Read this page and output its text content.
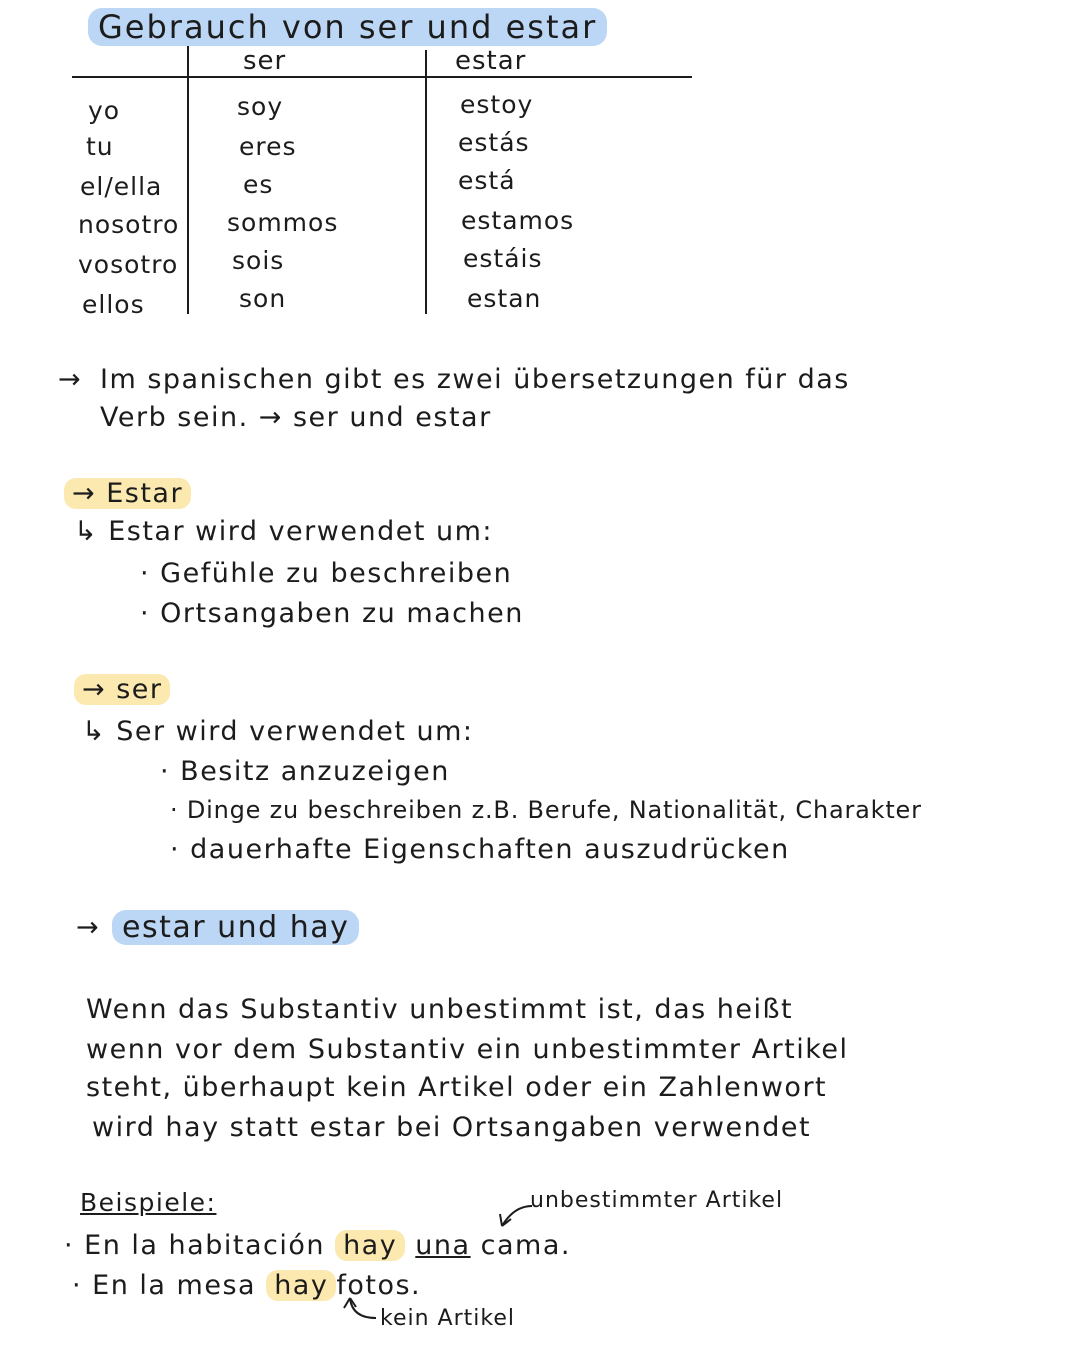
Gebrauch von ser und estar
ser	estar
yo
tu
el/ella
nosotro
vosotro
ellos
soy
eres
es
sommos
sois
son
estoy
estás
está
estamos
estáis
estan
→ Im spanischen gibt es zwei übersetzungen für das
Verb sein. → ser und estar
→ Estar
↳ Estar wird verwendet um:
· Gefühle zu beschreiben
· Ortsangaben zu machen
→ ser
↳ Ser wird verwendet um:
· Besitz anzuzeigen
· Dinge zu beschreiben z.B. Berufe, Nationalität, Charakter
· dauerhafte Eigenschaften auszudrücken
→ estar und hay
Wenn das Substantiv unbestimmt ist, das heißt
wenn vor dem Substantiv ein unbestimmter Artikel
steht, überhaupt kein Artikel oder ein Zahlenwort
wird hay statt estar bei Ortsangaben verwendet
Beispiele:	unbestimmter Artikel
· En la habitación hay una cama.
· En la mesa hay fotos.
kein Artikel
